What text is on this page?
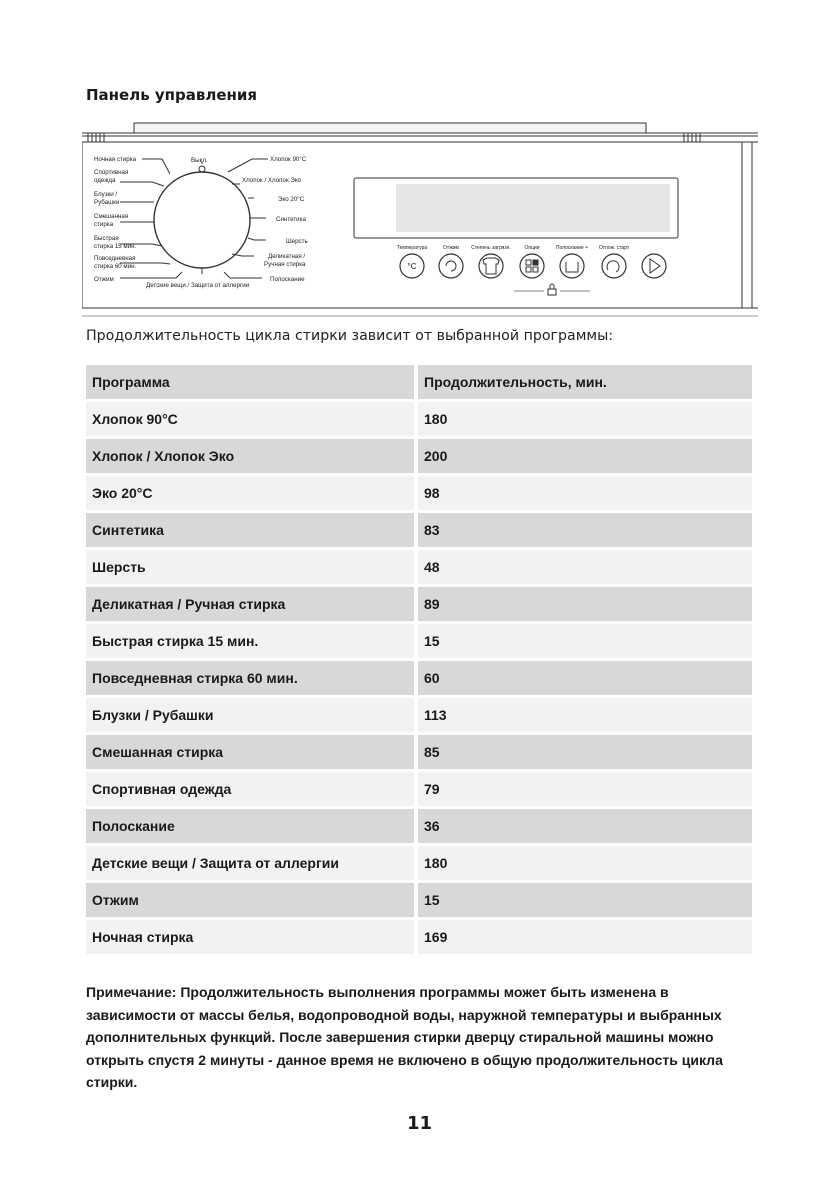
Панель управления
Ночная стирка
Спортивная
одежда
Блузки /
Рубашки
Смешанная
стирка
Быстрая
стирка 15 мин.
Повседневная
стирка 60 мин.
Отжим
Выкл.	Хлопок 90°C
Хлопок / Хлопок Эко
Эко 20°C
Синтетика
Шерсть
Деликатная /
Ручная стирка
Полоскание
Детские вещи / Защита от аллергии
Температура	Отжим Степень загрязн.	Опции	Полоскание + Отлож. старт
°C
Продолжительность цикла стирки зависит от выбранной программы:
Программа	Продолжительность, мин.
Хлопок 90°C	180
Хлопок / Хлопок Эко	200
Эко 20°C	98
Синтетика	83
Шерсть	48
Деликатная / Ручная стирка	89
Быстрая стирка 15 мин.	15
Повседневная стирка 60 мин.	60
Блузки / Рубашки	113
Смешанная стирка	85
Спортивная одежда	79
Полоскание	36
Детские вещи / Защита от аллергии	180
Отжим	15
Ночная стирка	169
Примечание: Продолжительность выполнения программы может быть изменена в зависимости от массы белья, водопроводной воды, наружной температуры и выбранных дополнительных функций. После завершения стирки дверцу стиральной машины можно открыть спустя 2 минуты - данное время не включено в общую продолжительность цикла стирки.
11
